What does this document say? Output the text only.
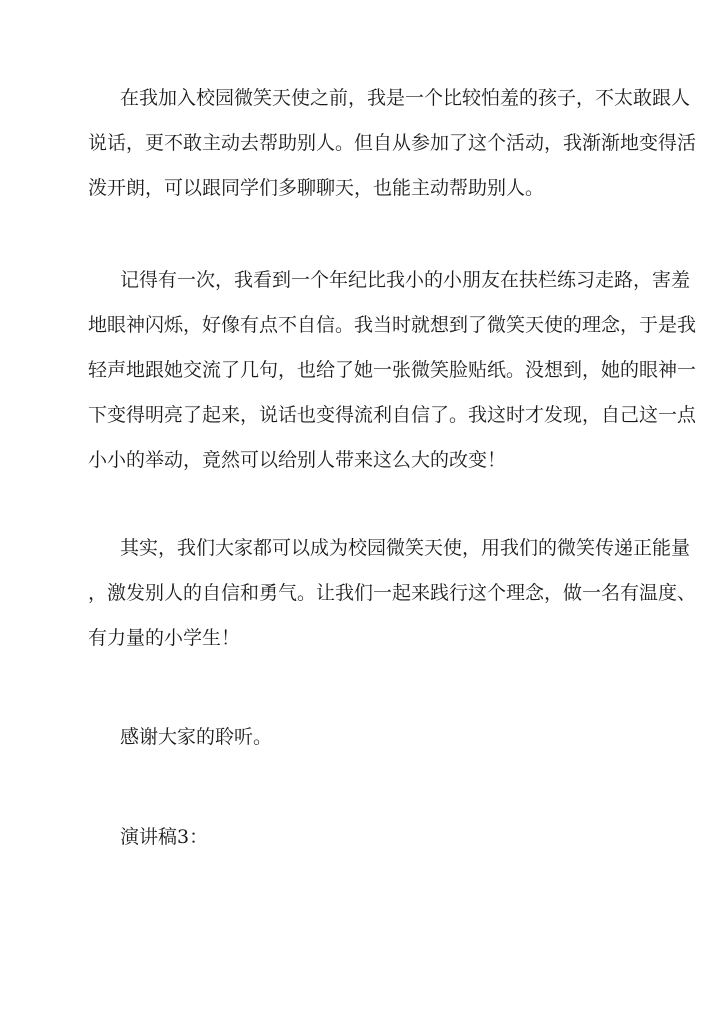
在我加入校园微笑天使之前，我是一个比较怕羞的孩子，不太敢跟人
说话，更不敢主动去帮助别人。但自从参加了这个活动，我渐渐地变得活
泼开朗，可以跟同学们多聊聊天，也能主动帮助别人。

记得有一次，我看到一个年纪比我小的小朋友在扶栏练习走路，害羞
地眼神闪烁，好像有点不自信。我当时就想到了微笑天使的理念，于是我
轻声地跟她交流了几句，也给了她一张微笑脸贴纸。没想到，她的眼神一
下变得明亮了起来，说话也变得流利自信了。我这时才发现，自己这一点
小小的举动，竟然可以给别人带来这么大的改变！

其实，我们大家都可以成为校园微笑天使，用我们的微笑传递正能量
，激发别人的自信和勇气。让我们一起来践行这个理念，做一名有温度、
有力量的小学生！

感谢大家的聆听。

演讲稿3：
